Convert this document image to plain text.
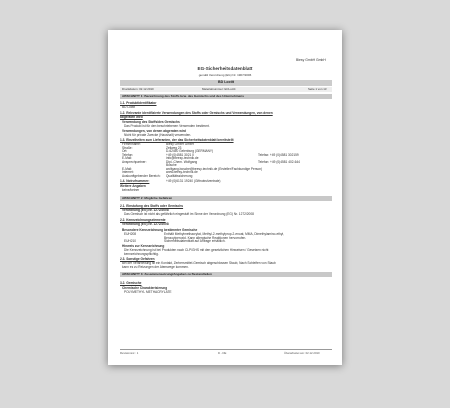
Biesy GmbH GmbH
EG-Sicherheitsdatenblatt
gemäß Verordnung (EG) Nr. 1907/2006
BD Loctit
Druckdatum: 02.12.2010	Materialnummer: ECLoctit	Seite 1 von 13
ABSCHNITT 1: Bezeichnung des Stoffs bzw. des Gemischs und des Unternehmens
1.1. Produktidentifikator
BD Loctit
1.2. Relevante identifizierte Verwendungen des Stoffs oder Gemischs und Verwendungen, von denen
abgeraten wird
Verwendung des Stoffs/des Gemischs
Das Produkt ist für den beschriebenen Verwenden bestimmt.
Verwendungen, von denen abgeraten wird
Nicht für private Zwecke (Haushalt) verwenden.
1.3. Einzelheiten zum Lieferanten, der das Sicherheitsdatenblatt bereitstellt
Firmenname:	Biesy GmbH GmbH
Straße:	Zeilweg 23
Ort:	D-62450 Gelenburg (GERMANY)
Telefon:	+49 (0)4581 3021 0	Telefax: +49 (0)4581 302159
E-Mail:	info@beesy-technik.de
Ansprechpartner:	Dipl.-Chem. Wolfgang	Telefon: +49 (0)4581 402-644
Bosche
E-Mail:	wolfgang.bosche@beesy-technik.de (Ersteller/Fachkundige Person)
Internet:	www.beesy-technik.de
Auskunftgebender Bereich: Qualitätssicherung
1.4. Notrufnummer:	+49 (0)6131 19240 (Giftnotrufzentrale)
Weitere Angaben
keine/keiner
ABSCHNITT 2: Mögliche Gefahren
2.1. Einstufung des Stoffs oder Gemischs
Verordnung (EG) Nr. 1272/2008
Das Gemisch ist nicht als gefährlich eingestuft im Sinne der Verordnung (EG) Nr. 1272/2008
2.2. Kennzeichnungselemente
Verordnung (EG) Nr. 1272/2008
Besondere Kennzeichnung bestimmter Gemische
EUH208	Enthält Methylmethacrylat, Methyl-2-methylprop-2-enoat, MMA, Dimethylamino-ethyl,
Benzoylperoxid. Kann allergische Reaktionen hervorrufen.
EUH210	Sicherheitsdatenblatt auf Anfrage erhältlich.
Hinweis zur Kennzeichnung
Die Kennzeichnung ist bei Produkten nach CLP/GHS mit den gesetzlichen Hinweisen / Gesetzen nicht
kennzeichnungspflichtig.
2.3. Sonstige Gefahren
Bei der Verarbeitung ist ein Kontakt, Zerbersmittel-Gemisch abgeschlossen Staub, Nach Schleifen von Staub
kann es zu Reizungen der Atemwege kommen.
ABSCHNITT 3: Zusammensetzung/Angaben zu Bestandteilen
3.2. Gemische
Chemische Charakterisierung
POLYMETHYL METHACRYLATE
Revisionsnr.: 1	D - DE	Überarbeitet am: 02.12.2010
